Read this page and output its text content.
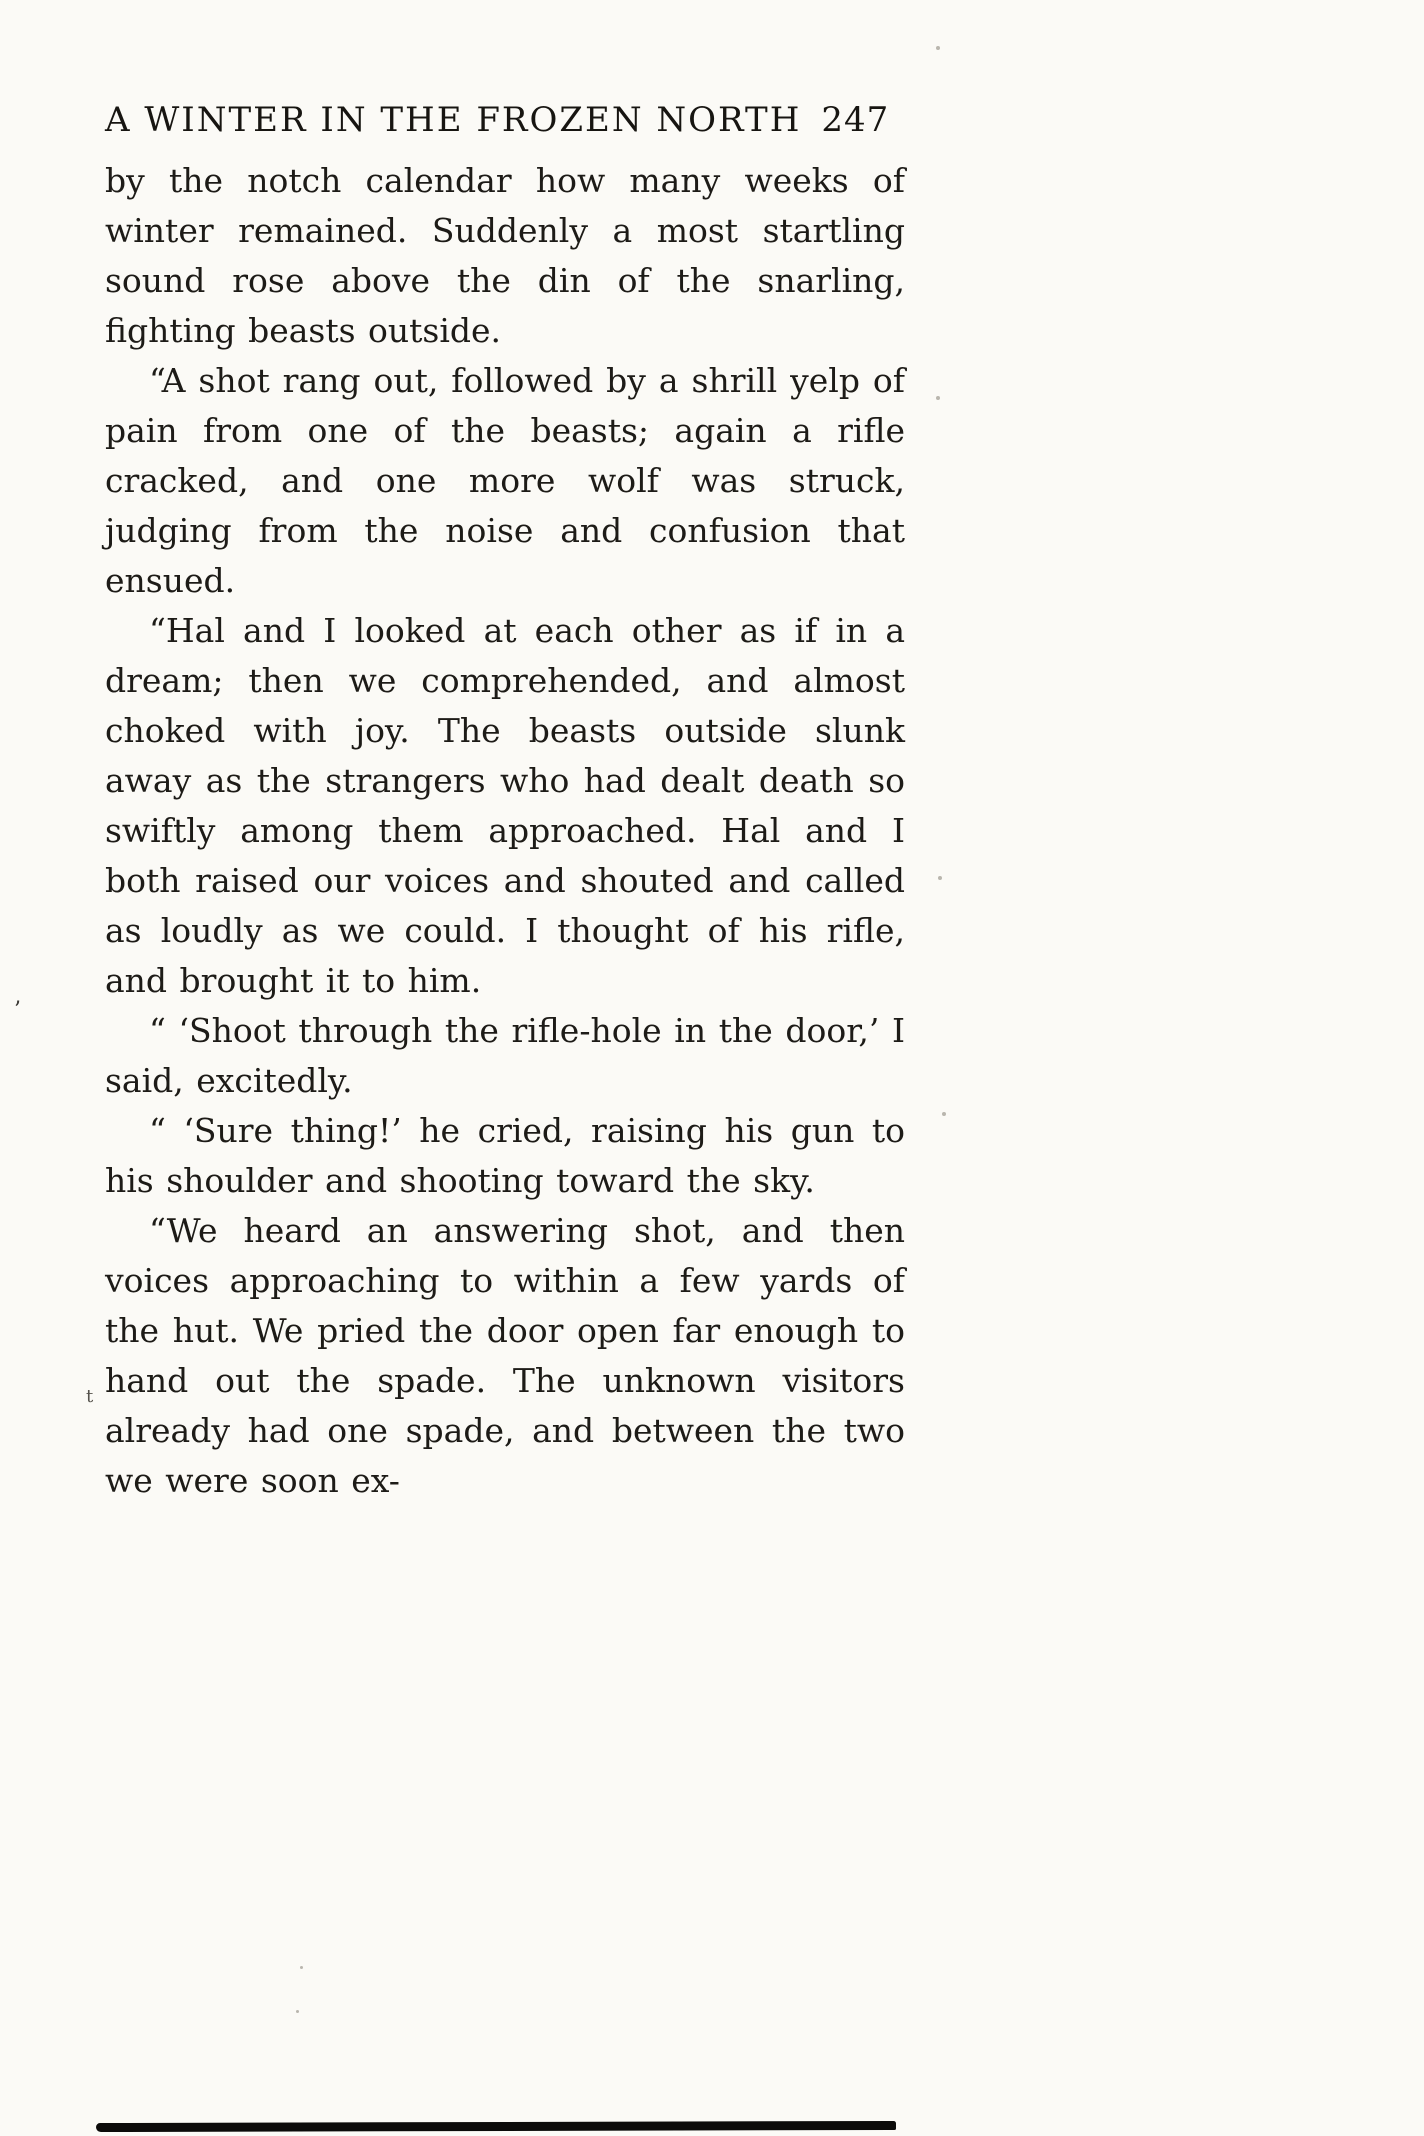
A WINTER IN THE FROZEN NORTH 247

by the notch calendar how many weeks of winter remained. Suddenly a most startling sound rose above the din of the snarling, fighting beasts outside.

“A shot rang out, followed by a shrill yelp of pain from one of the beasts; again a rifle cracked, and one more wolf was struck, judging from the noise and confusion that ensued.

“Hal and I looked at each other as if in a dream; then we comprehended, and almost choked with joy. The beasts outside slunk away as the strangers who had dealt death so swiftly among them approached. Hal and I both raised our voices and shouted and called as loudly as we could. I thought of his rifle, and brought it to him.

“ ‘Shoot through the rifle-hole in the door,’ I said, excitedly.

“ ‘Sure thing!’ he cried, raising his gun to his shoulder and shooting toward the sky.

“We heard an answering shot, and then voices approaching to within a few yards of the hut. We pried the door open far enough to hand out the spade. The unknown visitors already had one spade, and between the two we were soon ex-

’
t
